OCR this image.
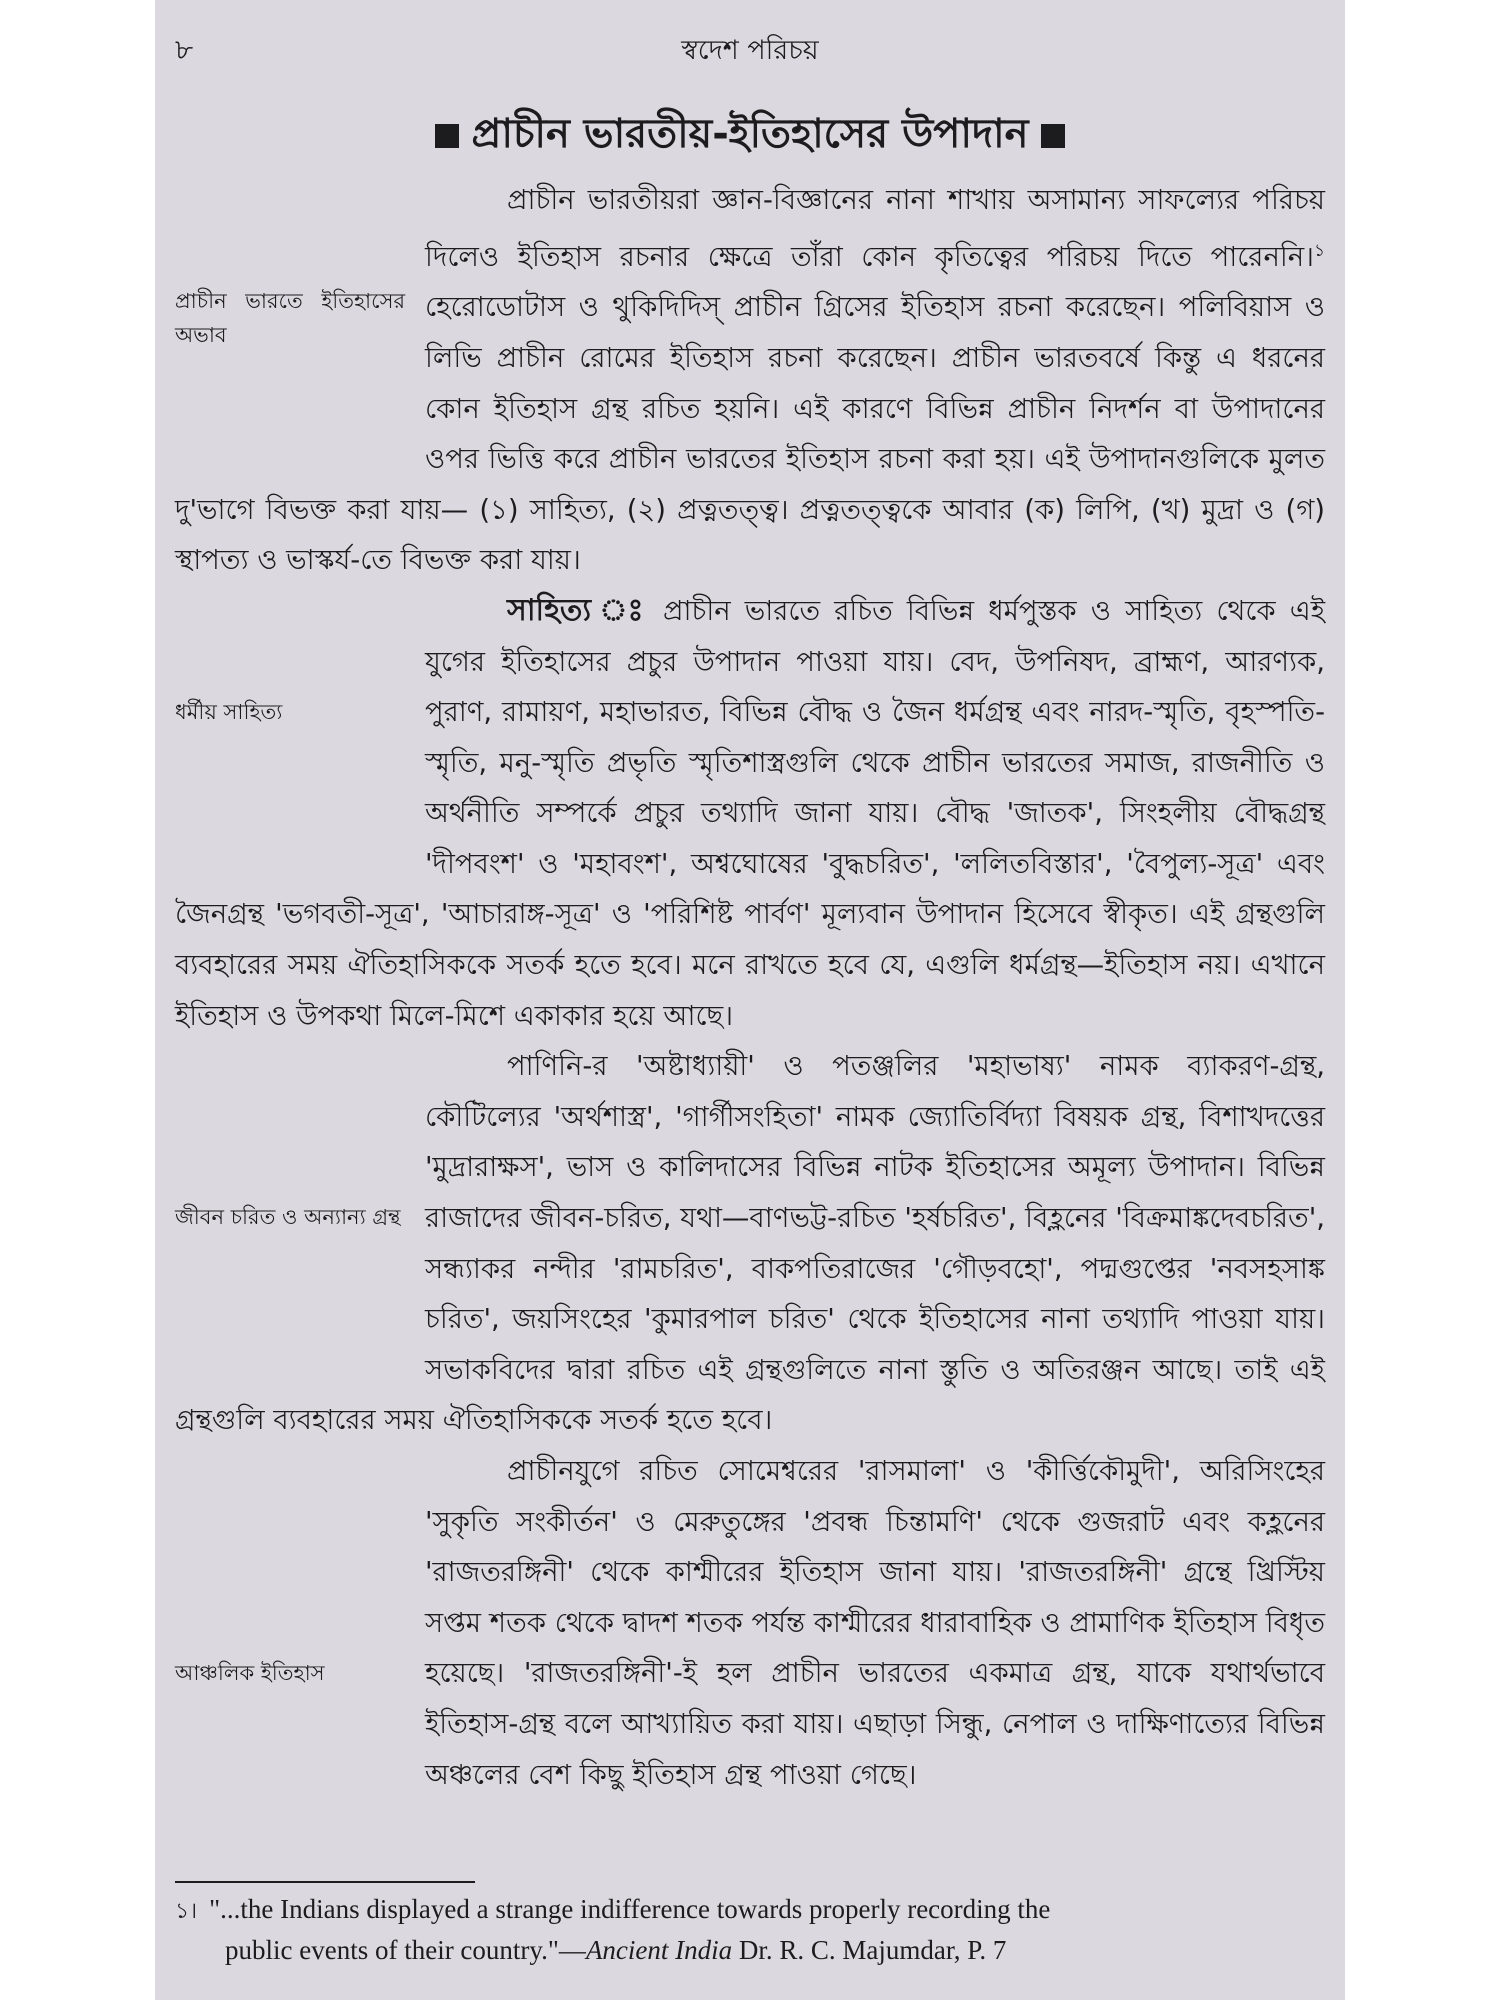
৮	স্বদেশ পরিচয়
প্রাচীন ভারতীয়-ইতিহাসের উপাদান
প্রাচীন ভারতে ইতিহাসের অভাব

প্রাচীন ভারতীয়রা জ্ঞান-বিজ্ঞানের নানা শাখায় অসামান্য সাফল্যের পরিচয় দিলেও ইতিহাস রচনার ক্ষেত্রে তাঁরা কোন কৃতিত্বের পরিচয় দিতে পারেননি।$^১$ হেরোডোটাস ও থুকিদিদিস্ প্রাচীন গ্রিসের ইতিহাস রচনা করেছেন। পলিবিয়াস ও লিভি প্রাচীন রোমের ইতিহাস রচনা করেছেন। প্রাচীন ভারতবর্ষে কিন্তু এ ধরনের কোন ইতিহাস গ্রন্থ রচিত হয়নি। এই কারণে বিভিন্ন প্রাচীন নিদর্শন বা উপাদানের ওপর ভিত্তি করে প্রাচীন ভারতের ইতিহাস রচনা করা হয়। এই উপাদানগুলিকে মুলত দু'ভাগে বিভক্ত করা যায়— (১) সাহিত্য, (২) প্রত্নতত্ত্ব। প্রত্নতত্ত্বকে আবার (ক) লিপি, (খ) মুদ্রা ও (গ) স্থাপত্য ও ভাস্কর্য-তে বিভক্ত করা যায়।

ধর্মীয় সাহিত্য

সাহিত্য ঃ প্রাচীন ভারতে রচিত বিভিন্ন ধর্মপুস্তক ও সাহিত্য থেকে এই যুগের ইতিহাসের প্রচুর উপাদান পাওয়া যায়। বেদ, উপনিষদ, ব্রাহ্মণ, আরণ্যক, পুরাণ, রামায়ণ, মহাভারত, বিভিন্ন বৌদ্ধ ও জৈন ধর্মগ্রন্থ এবং নারদ-স্মৃতি, বৃহস্পতি-স্মৃতি, মনু-স্মৃতি প্রভৃতি স্মৃতিশাস্ত্রগুলি থেকে প্রাচীন ভারতের সমাজ, রাজনীতি ও অর্থনীতি সম্পর্কে প্রচুর তথ্যাদি জানা যায়। বৌদ্ধ 'জাতক', সিংহলীয় বৌদ্ধগ্রন্থ 'দীপবংশ' ও 'মহাবংশ', অশ্বঘোষের 'বুদ্ধচরিত', 'ললিতবিস্তার', 'বৈপুল্য-সূত্র' এবং জৈনগ্রন্থ 'ভগবতী-সূত্র', 'আচারাঙ্গ-সূত্র' ও 'পরিশিষ্ট পার্বণ' মূল্যবান উপাদান হিসেবে স্বীকৃত। এই গ্রন্থগুলি ব্যবহারের সময় ঐতিহাসিককে সতর্ক হতে হবে। মনে রাখতে হবে যে, এগুলি ধর্মগ্রন্থ—ইতিহাস নয়। এখানে ইতিহাস ও উপকথা মিলে-মিশে একাকার হয়ে আছে।

জীবন চরিত ও অন্যান্য গ্রন্থ

পাণিনি-র 'অষ্টাধ্যায়ী' ও পতঞ্জলির 'মহাভাষ্য' নামক ব্যাকরণ-গ্রন্থ, কৌটিল্যের 'অর্থশাস্ত্র', 'গার্গীসংহিতা' নামক জ্যোতির্বিদ্যা বিষয়ক গ্রন্থ, বিশাখদত্তের 'মুদ্রারাক্ষস', ভাস ও কালিদাসের বিভিন্ন নাটক ইতিহাসের অমূল্য উপাদান। বিভিন্ন রাজাদের জীবন-চরিত, যথা—বাণভট্ট-রচিত 'হর্ষচরিত', বিহ্লনের 'বিক্রমাঙ্কদেবচরিত', সন্ধ্যাকর নন্দীর 'রামচরিত', বাকপতিরাজের 'গৌড়বহো', পদ্মগুপ্তের 'নবসহসাঙ্ক চরিত', জয়সিংহের 'কুমারপাল চরিত' থেকে ইতিহাসের নানা তথ্যাদি পাওয়া যায়। সভাকবিদের দ্বারা রচিত এই গ্রন্থগুলিতে নানা স্তুতি ও অতিরঞ্জন আছে। তাই এই গ্রন্থগুলি ব্যবহারের সময় ঐতিহাসিককে সতর্ক হতে হবে।

আঞ্চলিক ইতিহাস

প্রাচীনযুগে রচিত সোমেশ্বরের 'রাসমালা' ও 'কীর্ত্তিকৌমুদী', অরিসিংহের 'সুকৃতি সংকীর্তন' ও মেরুতুঙ্গের 'প্রবন্ধ চিন্তামণি' থেকে গুজরাট এবং কহ্লনের 'রাজতরঙ্গিনী' থেকে কাশ্মীরের ইতিহাস জানা যায়। 'রাজতরঙ্গিনী' গ্রন্থে খ্রিস্টিয় সপ্তম শতক থেকে দ্বাদশ শতক পর্যন্ত কাশ্মীরের ধারাবাহিক ও প্রামাণিক ইতিহাস বিধৃত হয়েছে। 'রাজতরঙ্গিনী'-ই হল প্রাচীন ভারতের একমাত্র গ্রন্থ, যাকে যথার্থভাবে ইতিহাস-গ্রন্থ বলে আখ্যায়িত করা যায়। এছাড়া সিন্ধু, নেপাল ও দাক্ষিণাত্যের বিভিন্ন অঞ্চলের বেশ কিছু ইতিহাস গ্রন্থ পাওয়া গেছে।

১। "...the Indians displayed a strange indifference towards properly recording the
public events of their country."—Ancient India Dr. R. C. Majumdar, P. 7
